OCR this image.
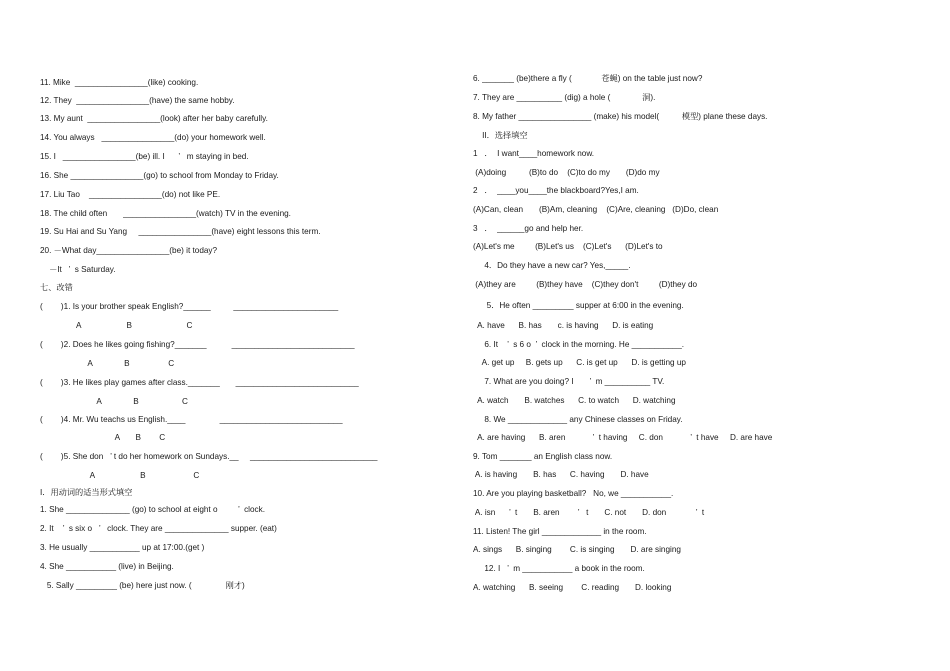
11. Mike  ________________(like) cooking.
12. They  ________________(have) the same hobby.
13. My aunt  ________________(look) after her baby carefully.
14. You always   ________________(do) your homework well.
15. I   ________________(be) ill. I      ’   m staying in bed.
16. She ________________(go) to school from Monday to Friday.
17. Liu Tao    ________________(do) not like PE.
18. The child often       ________________(watch) TV in the evening.
19. Su Hai and Su Yang     ________________(have) eight lessons this term.
20. －What day________________(be) it today?
－It   ’  s Saturday.
七、改错
(        )1. Is your brother speak English?______          _______________________
A                    B                        C
(        )2. Does he likes going fishing?_______           ___________________________
A              B                 C
(        )3. He likes play games after class._______       ___________________________
A              B                   C
(        )4. Mr. Wu teachs us English.____               ___________________________
A       B        C
(        )5. She don   ’ t do her homework on Sundays.__     ____________________________
A                    B                     C
I．用动词的适当形式填空
1. She ______________ (go) to school at eight o         ’  clock.
2. It    ’  s six o   ’   clock. They are ______________ supper. (eat)
3. He usually ___________ up at 17:00.(get )
4. She ___________ (live) in Beijing.
5. Sally _________ (be) here just now. (               刚才)
6. _______ (be)there a fly (             苍蝇) on the table just now?
7. They are __________ (dig) a hole (              洞).
8. My father ________________ (make) his model(          模型) plane these days.
II．选择填空
1   ．  I want____homework now.
(A)doing          (B)to do    (C)to do my       (D)do my
2   ．  ____you____the blackboard?Yes,I am.
(A)Can, clean       (B)Am, cleaning    (C)Are, cleaning   (D)Do, clean
3   ．  ______go and help her.
(A)Let's me         (B)Let's us    (C)Let's      (D)Let's to
4．Do they have a new car? Yes,_____.
(A)they are         (B)they have    (C)they don't         (D)they do
5．He often _________ supper at 6:00 in the evening.
A. have      B. has       c. is having      D. is eating
6. It    ’  s 6 o  ’  clock in the morning. He ___________.
A. get up     B. gets up      C. is get up      D. is getting up
7. What are you doing? I       ’  m __________ TV.
A. watch       B. watches      C. to watch      D. watching
8. We _____________ any Chinese classes on Friday.
A. are having      B. aren            ’  t having     C. don            ’  t have     D. are have
9. Tom _______ an English class now.
A. is having       B. has      C. having       D. have
10. Are you playing basketball?   No, we ___________.
A. isn      ’  t       B. aren        ’   t       C. not       D. don             ’  t
11. Listen! The girl _____________ in the room.
A. sings      B. singing        C. is singing       D. are singing
12. I   ’  m ___________ a book in the room.
A. watching      B. seeing        C. reading       D. looking
